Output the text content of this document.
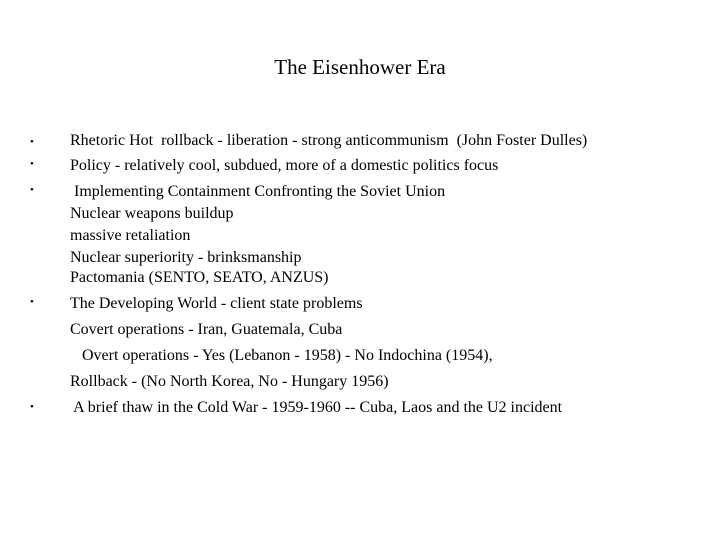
The Eisenhower Era
•
•
•
•
•
Rhetoric Hot  rollback - liberation - strong anticommunism  (John Foster Dulles)
Policy - relatively cool, subdued, more of a domestic politics focus
Implementing Containment Confronting the Soviet Union
Nuclear weapons buildup
massive retaliation
Nuclear superiority - brinksmanship
Pactomania (SENTO, SEATO, ANZUS)
The Developing World - client state problems
Covert operations - Iran, Guatemala, Cuba
Overt operations - Yes (Lebanon - 1958) - No Indochina (1954),
Rollback - (No North Korea, No - Hungary 1956)
A brief thaw in the Cold War - 1959-1960 -- Cuba, Laos and the U2 incident
